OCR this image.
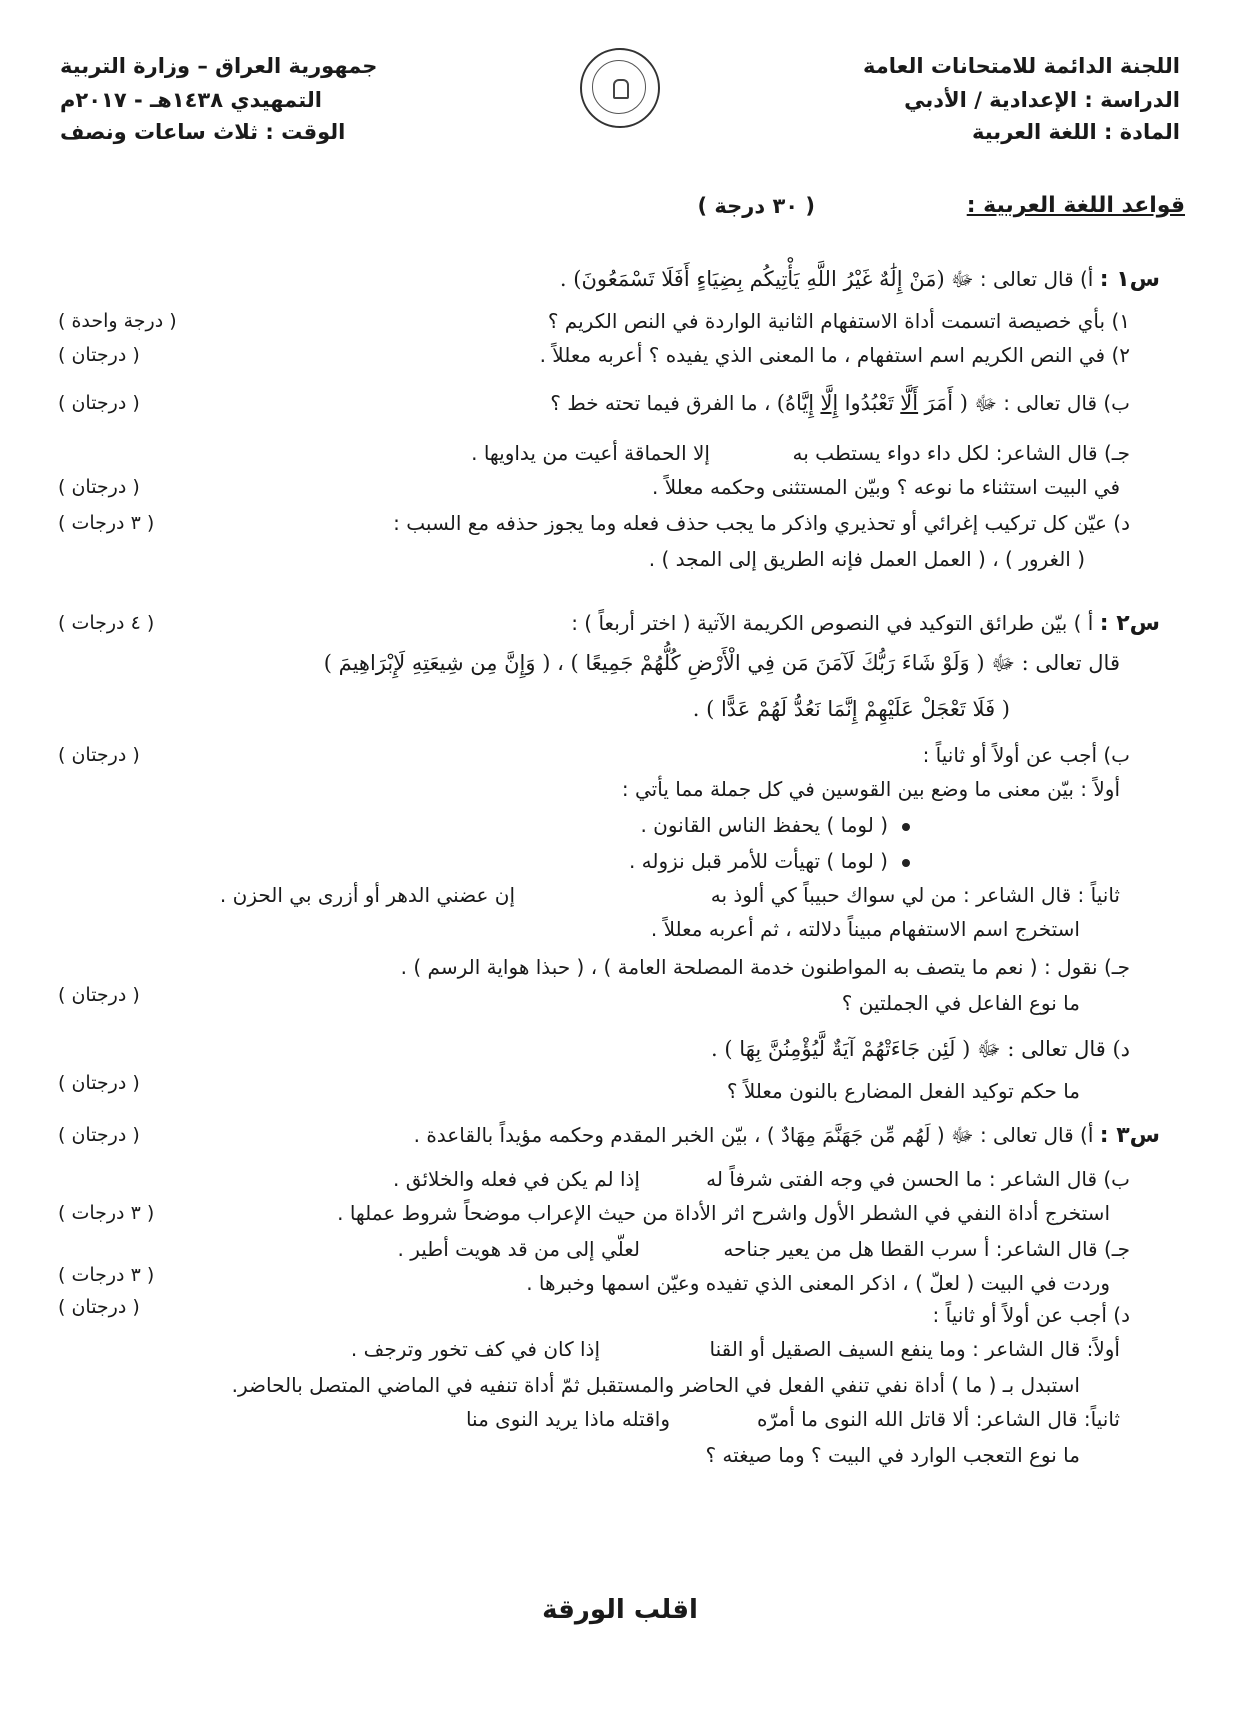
اللجنة الدائمة للامتحانات العامة
الدراسة : الإعدادية / الأدبي
المادة : اللغة العربية
جمهورية العراق – وزارة التربية
التمهيدي ١٤٣٨هـ - ٢٠١٧م
الوقت : ثلاث ساعات ونصف
قواعد اللغة العربية :
( ٣٠ درجة )
س١ : أ) قال تعالى : ﷻ (مَنْ إِلَٰهٌ غَيْرُ اللَّهِ يَأْتِيكُم بِضِيَاءٍ أَفَلَا تَسْمَعُونَ) .
١) بأي خصيصة اتسمت أداة الاستفهام الثانية الواردة في النص الكريم ؟
( درجة واحدة )
٢) في النص الكريم اسم استفهام ، ما المعنى الذي يفيده ؟ أعربه معللاً .
( درجتان )
ب) قال تعالى : ﷻ ( أَمَرَ أَلَّا تَعْبُدُوا إِلَّا إِيَّاهُ) ، ما الفرق فيما تحته خط ؟
( درجتان )
جـ) قال الشاعر: لكل داء دواء يستطب به
إلا الحماقة أعيت من يداويها .
في البيت استثناء ما نوعه ؟ وبيّن المستثنى وحكمه معللاً .
( درجتان )
د) عيّن كل تركيب إغرائي أو تحذيري واذكر ما يجب حذف فعله وما يجوز حذفه مع السبب :
( ٣ درجات )
( الغرور ) ، ( العمل العمل فإنه الطريق إلى المجد ) .
س٢ : أ ) بيّن طرائق التوكيد في النصوص الكريمة الآتية ( اختر أربعاً ) :
( ٤ درجات )
قال تعالى : ﷻ ( وَلَوْ شَاءَ رَبُّكَ لَآمَنَ مَن فِي الْأَرْضِ كُلُّهُمْ جَمِيعًا ) ، ( وَإِنَّ مِن شِيعَتِهِ لَإِبْرَاهِيمَ )
( فَلَا تَعْجَلْ عَلَيْهِمْ إِنَّمَا نَعُدُّ لَهُمْ عَدًّا ) .
ب) أجب عن أولاً أو ثانياً :
( درجتان )
أولاً : بيّن معنى ما وضع بين القوسين في كل جملة مما يأتي :
( لوما ) يحفظ الناس القانون .
( لوما ) تهيأت للأمر قبل نزوله .
ثانياً : قال الشاعر : من لي سواك حبيباً كي ألوذ به
إن عضني الدهر أو أزرى بي الحزن .
استخرج اسم الاستفهام مبيناً دلالته ، ثم أعربه معللاً .
جـ) نقول : ( نعم ما يتصف به المواطنون خدمة المصلحة العامة ) ، ( حبذا هواية الرسم ) .
ما نوع الفاعل في الجملتين ؟
( درجتان )
د) قال تعالى : ﷻ ( لَئِن جَاءَتْهُمْ آيَةٌ لَّيُؤْمِنُنَّ بِهَا ) .
ما حكم توكيد الفعل المضارع بالنون معللاً ؟
( درجتان )
س٣ : أ) قال تعالى : ﷻ ( لَهُم مِّن جَهَنَّمَ مِهَادٌ ) ، بيّن الخبر المقدم وحكمه مؤيداً بالقاعدة .
( درجتان )
ب) قال الشاعر : ما الحسن في وجه الفتى شرفاً له
إذا لم يكن في فعله والخلائق .
استخرج أداة النفي في الشطر الأول واشرح اثر الأداة من حيث الإعراب موضحاً شروط عملها .
( ٣ درجات )
جـ) قال الشاعر: أ سرب القطا هل من يعير جناحه
لعلّي إلى من قد هويت أطير .
وردت في البيت ( لعلّ ) ، اذكر المعنى الذي تفيده وعيّن اسمها وخبرها .
( ٣ درجات )
د) أجب عن أولاً أو ثانياً :
( درجتان )
أولاً: قال الشاعر : وما ينفع السيف الصقيل أو القنا
إذا كان في كف تخور وترجف .
استبدل بـ ( ما ) أداة نفي تنفي الفعل في الحاضر والمستقبل ثمّ أداة تنفيه في الماضي المتصل بالحاضر.
ثانياً: قال الشاعر: ألا قاتل الله النوى ما أمرّه
واقتله ماذا يريد النوى منا
ما نوع التعجب الوارد في البيت ؟ وما صيغته ؟
اقلب الورقة
